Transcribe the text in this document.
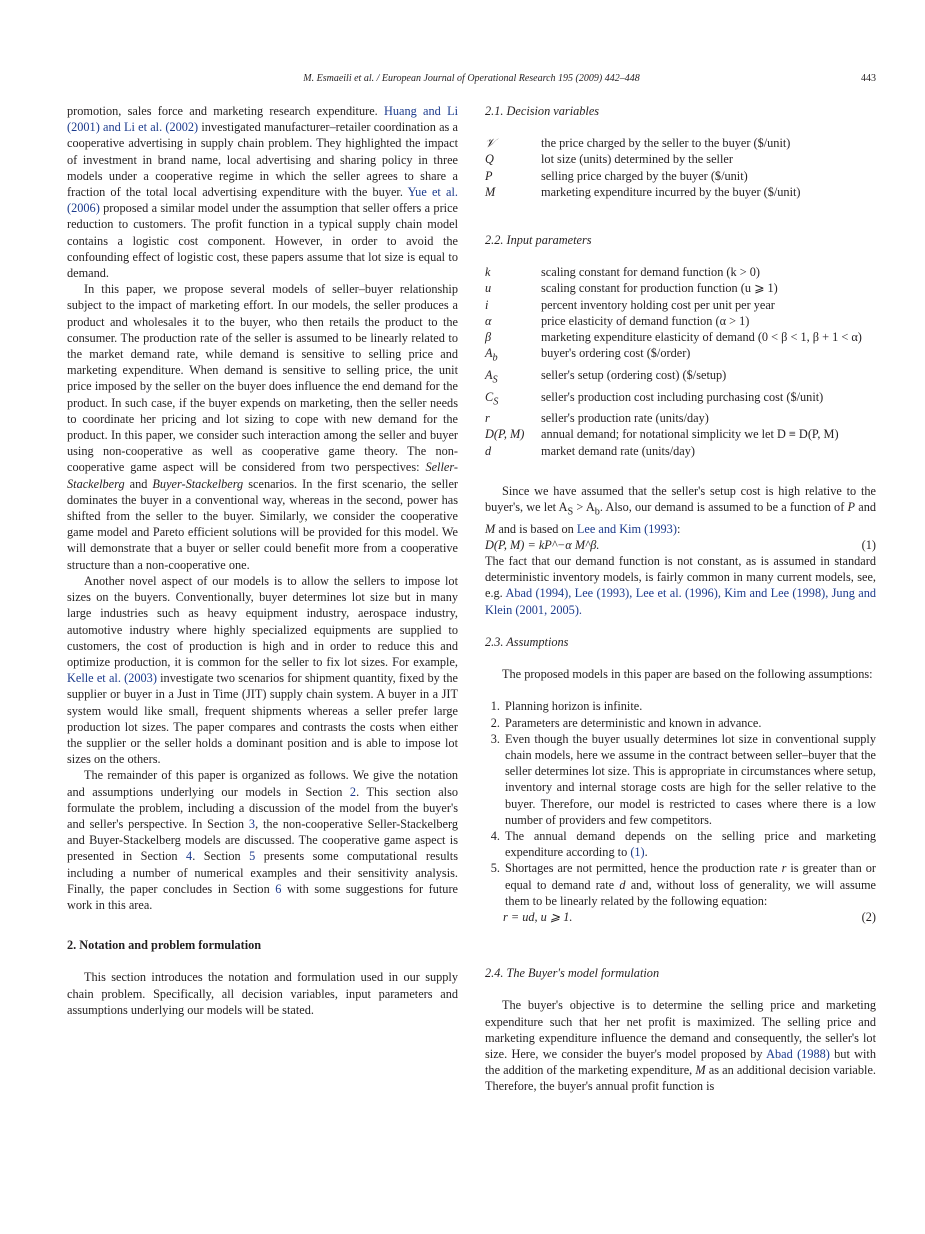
M. Esmaeili et al. / European Journal of Operational Research 195 (2009) 442–448	443

promotion, sales force and marketing research expenditure. Huang and Li (2001) and Li et al. (2002) investigated manufacturer–retailer coordination as a cooperative advertising in supply chain problem. They highlighted the impact of investment in brand name, local advertising and sharing policy in three models under a cooperative regime in which the seller agrees to share a fraction of the total local advertising expenditure with the buyer. Yue et al. (2006) proposed a similar model under the assumption that seller offers a price reduction to customers. The profit function in a typical supply chain model contains a logistic cost component. However, in order to avoid the confounding effect of logistic cost, these papers assume that lot size is equal to demand.

In this paper, we propose several models of seller–buyer relationship subject to the impact of marketing effort. In our models, the seller produces a product and wholesales it to the buyer, who then retails the product to the consumer. The production rate of the seller is assumed to be linearly related to the market demand rate, while demand is sensitive to selling price and marketing expenditure. When demand is sensitive to selling price, the unit price imposed by the seller on the buyer does influence the end demand for the product. In such case, if the buyer expends on marketing, then the seller needs to coordinate her pricing and lot sizing to cope with new demand for the product. In this paper, we consider such interaction among the seller and buyer using non-cooperative as well as cooperative game theory. The non-cooperative game aspect will be considered from two perspectives: Seller-Stackelberg and Buyer-Stackelberg scenarios. In the first scenario, the seller dominates the buyer in a conventional way, whereas in the second, power has shifted from the seller to the buyer. Similarly, we consider the cooperative game model and Pareto efficient solutions will be provided for this model. We will demonstrate that a buyer or seller could benefit more from a cooperative structure than a non-cooperative one.

Another novel aspect of our models is to allow the sellers to impose lot sizes on the buyers. Conventionally, buyer determines lot size but in many large industries such as heavy equipment industry, aerospace industry, automotive industry where highly specialized equipments are supplied to customers, the cost of production is high and in order to reduce this and optimize production, it is common for the seller to fix lot sizes. For example, Kelle et al. (2003) investigate two scenarios for shipment quantity, fixed by the supplier or buyer in a Just in Time (JIT) supply chain system. A buyer in a JIT system would like small, frequent shipments whereas a seller prefer large production lot sizes. The paper compares and contrasts the costs when either the supplier or the seller holds a dominant position and is able to impose lot sizes on the others.

The remainder of this paper is organized as follows. We give the notation and assumptions underlying our models in Section 2. This section also formulate the problem, including a discussion of the model from the buyer's and seller's perspective. In Section 3, the non-cooperative Seller-Stackelberg and Buyer-Stackelberg models are discussed. The cooperative game aspect is presented in Section 4. Section 5 presents some computational results including a number of numerical examples and their sensitivity analysis. Finally, the paper concludes in Section 6 with some suggestions for future work in this area.

2. Notation and problem formulation

This section introduces the notation and formulation used in our supply chain problem. Specifically, all decision variables, input parameters and assumptions underlying our models will be stated.

2.1. Decision variables
𝒱	the price charged by the seller to the buyer ($/unit)
Q	lot size (units) determined by the seller
P	selling price charged by the buyer ($/unit)
M	marketing expenditure incurred by the buyer ($/unit)
2.2. Input parameters
k	scaling constant for demand function (k > 0)
u	scaling constant for production function (u ⩾ 1)
i	percent inventory holding cost per unit per year
α	price elasticity of demand function (α > 1)
β	marketing expenditure elasticity of demand (0 < β < 1, β + 1 < α)
$A_b$	buyer's ordering cost ($/order)
$A_S$	seller's setup (ordering cost) ($/setup)
$C_S$	seller's production cost including purchasing cost ($/unit)
r	seller's production rate (units/day)
D(P, M)	annual demand; for notational simplicity we let D ≡ D(P, M)
d	market demand rate (units/day)

Since we have assumed that the seller's setup cost is high relative to the buyer's, we let $A_S > A_b$. Also, our demand is assumed to be a function of P and M and is based on Lee and Kim (1993):

D(P, M) = kP^−α M^β.	(1)

The fact that our demand function is not constant, as is assumed in standard deterministic inventory models, is fairly common in many current models, see, e.g. Abad (1994), Lee (1993), Lee et al. (1996), Kim and Lee (1998), Jung and Klein (2001, 2005).

2.3. Assumptions

The proposed models in this paper are based on the following assumptions:

1. Planning horizon is infinite.
2. Parameters are deterministic and known in advance.
3. Even though the buyer usually determines lot size in conventional supply chain models, here we assume in the contract between seller–buyer that the seller determines lot size. This is appropriate in circumstances where setup, inventory and internal storage costs are high for the seller relative to the buyer. Therefore, our model is restricted to cases where there is a low number of providers and few competitors.
4. The annual demand depends on the selling price and marketing expenditure according to (1).
5. Shortages are not permitted, hence the production rate r is greater than or equal to demand rate d and, without loss of generality, we will assume them to be linearly related by the following equation:
r = ud, u ⩾ 1.	(2)
2.4. The Buyer's model formulation

The buyer's objective is to determine the selling price and marketing expenditure such that her net profit is maximized. The selling price and marketing expenditure influence the demand and consequently, the seller's lot size. Here, we consider the buyer's model proposed by Abad (1988) but with the addition of the marketing expenditure, M as an additional decision variable. Therefore, the buyer's annual profit function is
